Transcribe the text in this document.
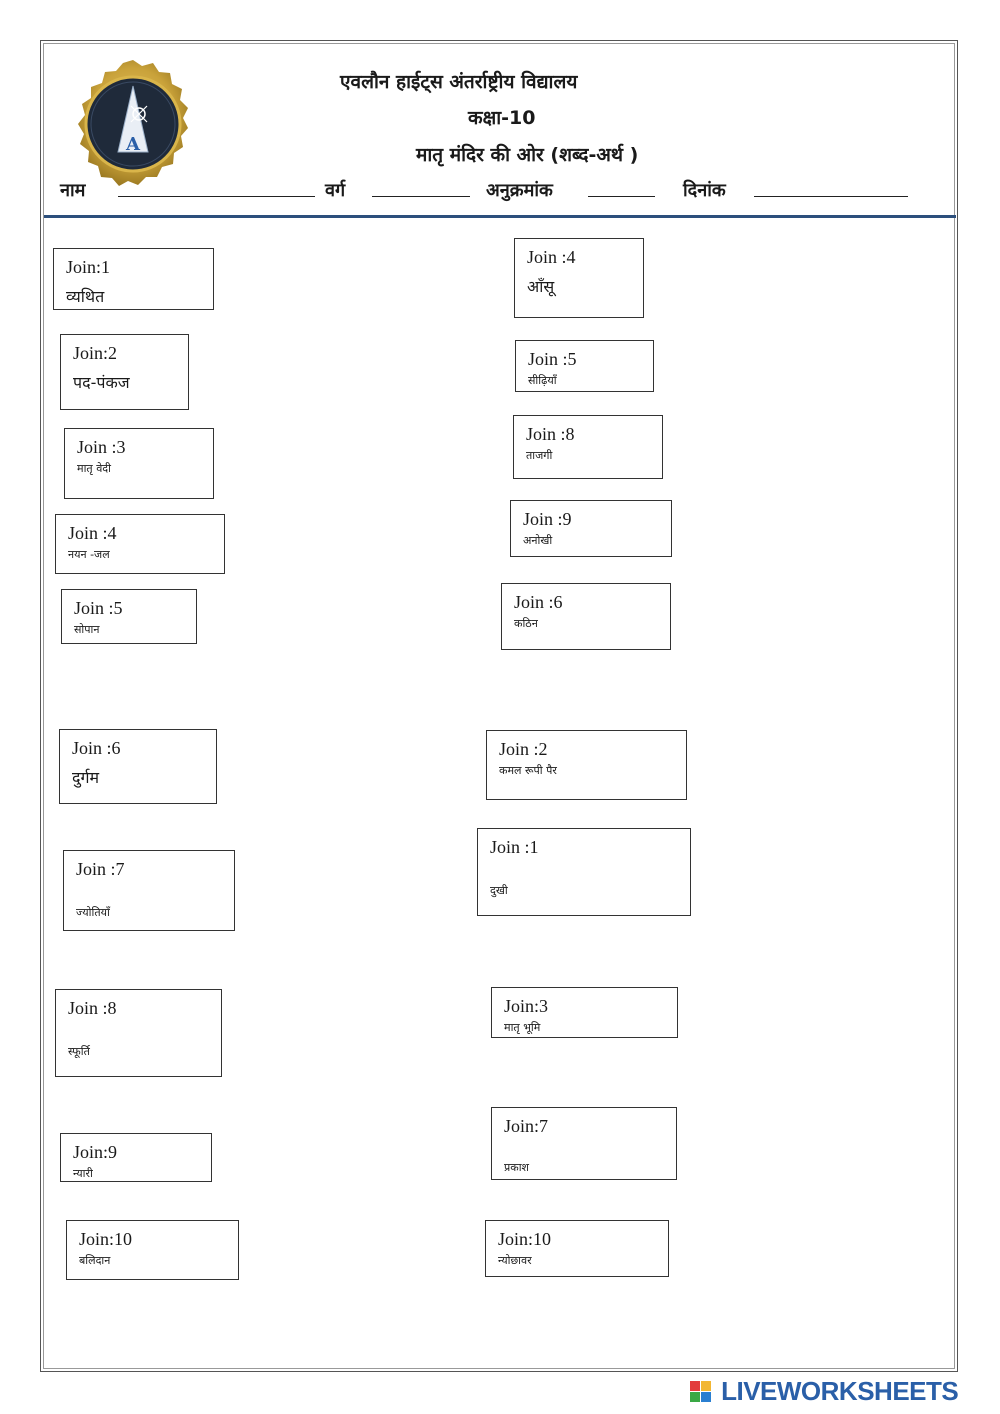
A
एवलौन हाईट्स अंतर्राष्ट्रीय विद्यालय
कक्षा-10
मातृ मंदिर की ओर (शब्द-अर्थ )
नाम	वर्ग	अनुक्रमांक	दिनांक
Join:1
व्यथित
Join:2
पद-पंकज
Join :3
मातृ वेदी
Join :4
नयन -जल
Join :5
सोपान
Join :6
दुर्गम
Join :7
ज्योतियाँ
Join :8
स्फूर्ति
Join:9
न्यारी
Join:10
बलिदान
Join :4
आँसू
Join :5
सीढ़ियाँ
Join :8
ताजगी
Join :9
अनोखी
Join :6
कठिन
Join :2
कमल रूपी पैर
Join :1
दुखी
Join:3
मातृ भूमि
Join:7
प्रकाश
Join:10
न्योछावर
LIVEWORKSHEETS
